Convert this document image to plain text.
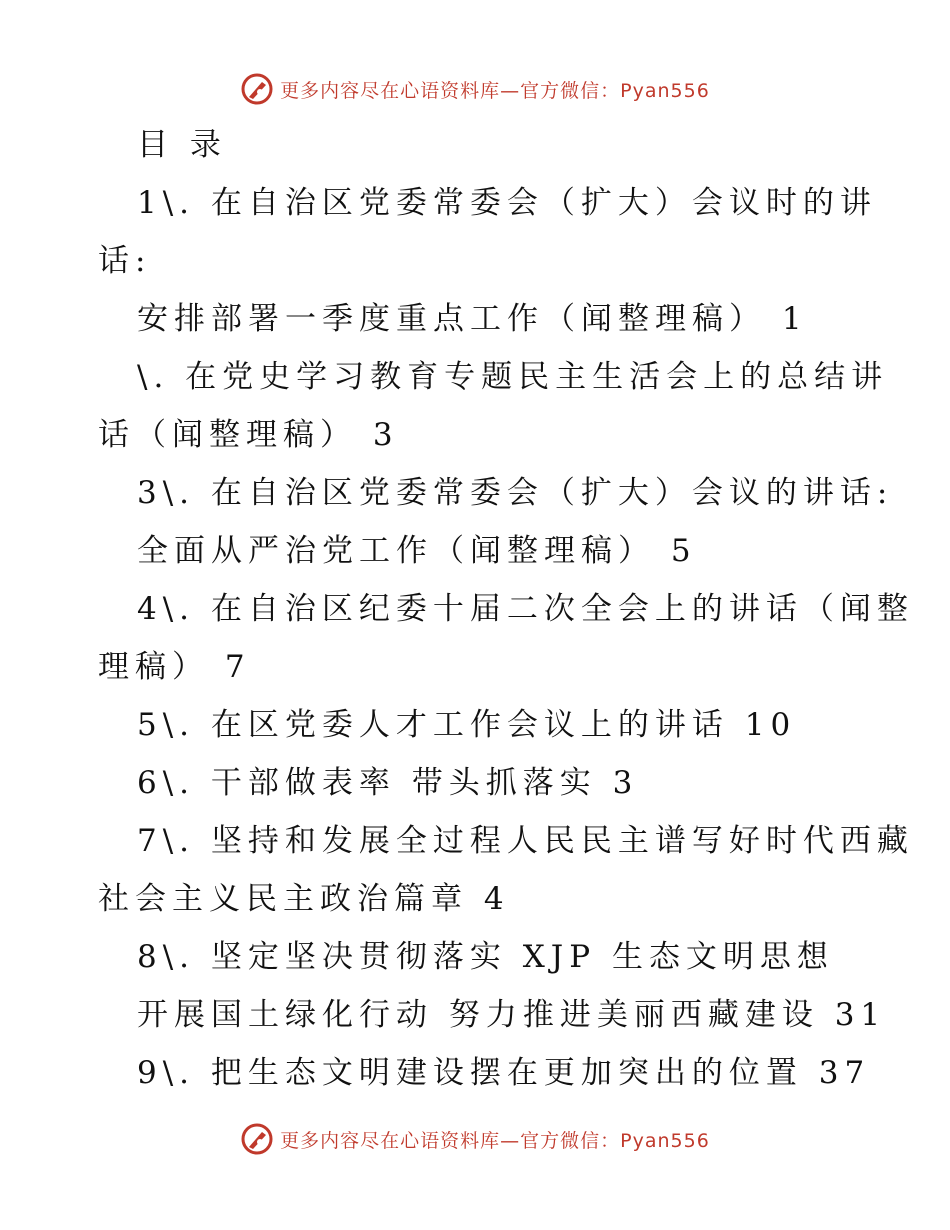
更多内容尽在心语资料库—官方微信：Pyan556
目 录
1\. 在自治区党委常委会（扩大）会议时的讲
话:
安排部署一季度重点工作（闻整理稿） 1
\. 在党史学习教育专题民主生活会上的总结讲
话（闻整理稿） 3
3\. 在自治区党委常委会（扩大）会议的讲话:
全面从严治党工作（闻整理稿） 5
4\. 在自治区纪委十届二次全会上的讲话（闻整
理稿） 7
5\. 在区党委人才工作会议上的讲话 10
6\. 干部做表率 带头抓落实 3
7\. 坚持和发展全过程人民民主谱写好时代西藏
社会主义民主政治篇章 4
8\. 坚定坚决贯彻落实 XJP 生态文明思想
开展国土绿化行动 努力推进美丽西藏建设 31
9\. 把生态文明建设摆在更加突出的位置 37
更多内容尽在心语资料库—官方微信：Pyan556
